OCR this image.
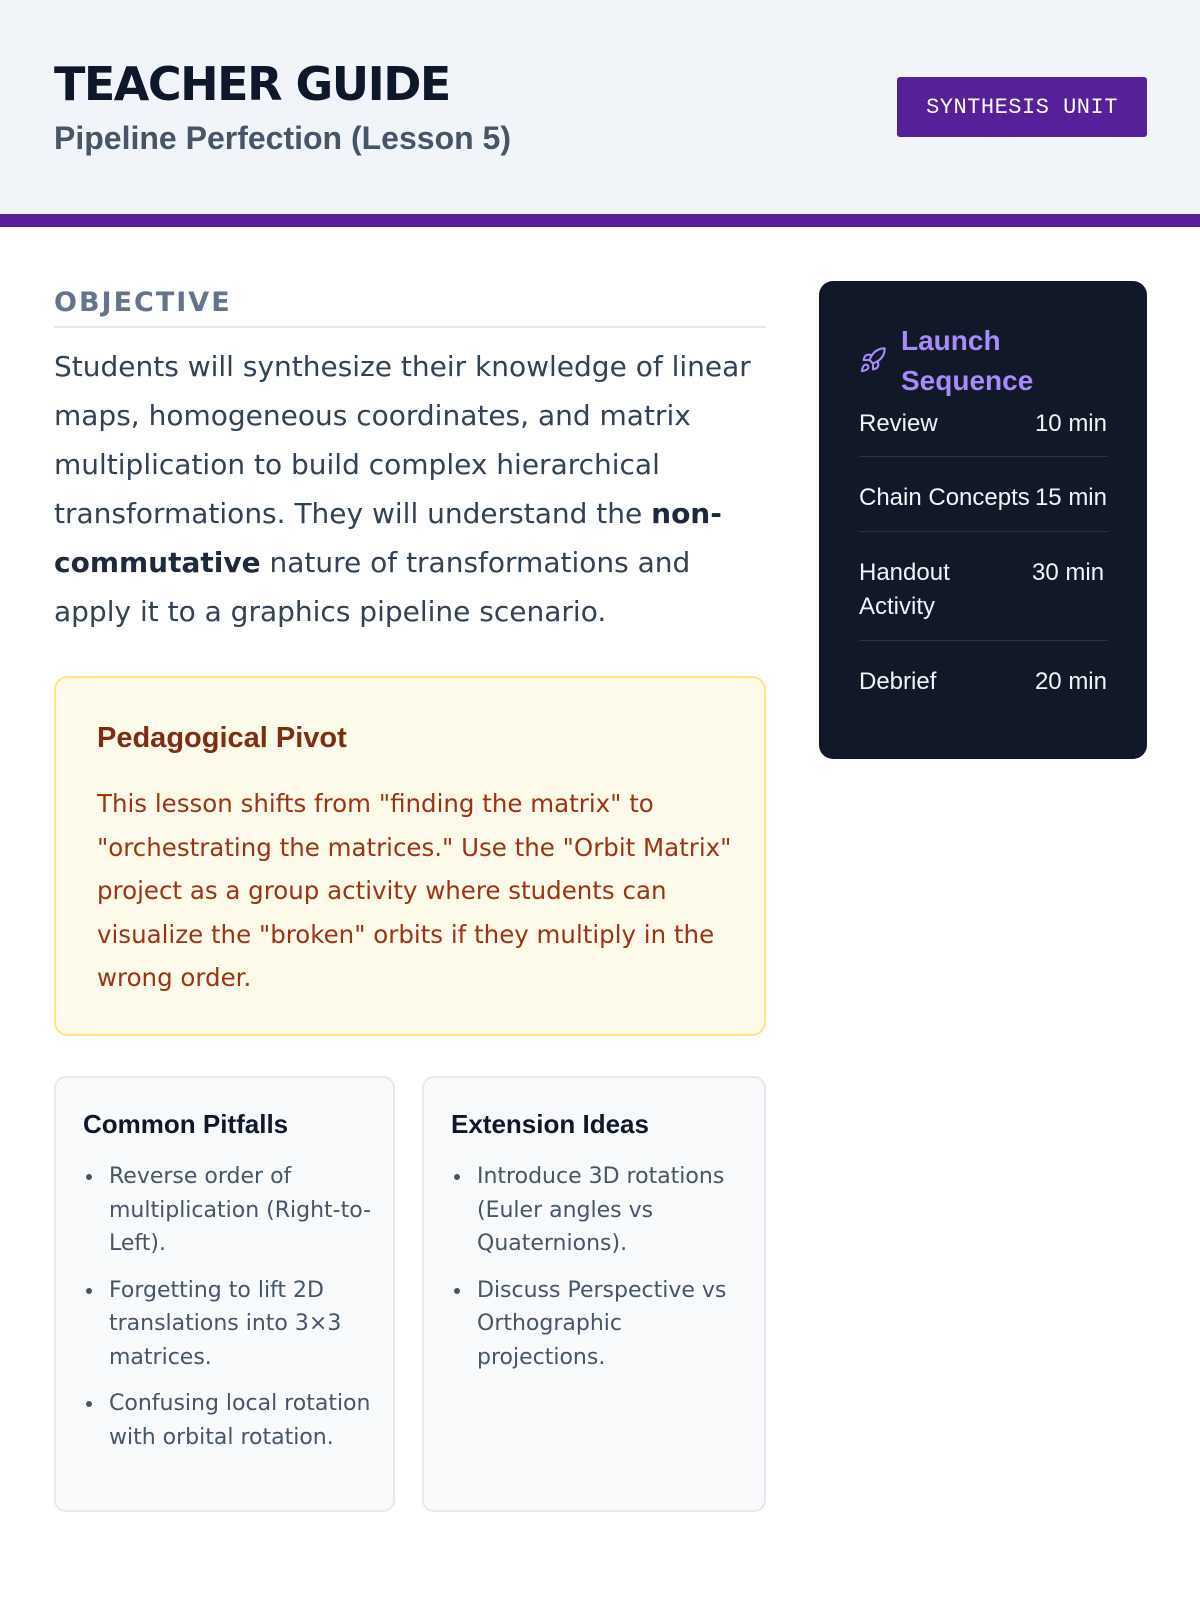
TEACHER GUIDE
Pipeline Perfection (Lesson 5)
SYNTHESIS UNIT
OBJECTIVE

Students will synthesize their knowledge of linear maps, homogeneous coordinates, and matrix multiplication to build complex hierarchical transformations. They will understand the non-commutative nature of transformations and apply it to a graphics pipeline scenario.

Pedagogical Pivot

This lesson shifts from "finding the matrix" to "orchestrating the matrices." Use the "Orbit Matrix" project as a group activity where students can visualize the "broken" orbits if they multiply in the wrong order.

Common Pitfalls
Reverse order of multiplication (Right-to-Left).
Forgetting to lift 2D translations into 3×3 matrices.
Confusing local rotation with orbital rotation.
Extension Ideas
Introduce 3D rotations (Euler angles vs Quaternions).
Discuss Perspective vs Orthographic projections.
Launch Sequence
Review	10 min
Chain Concepts 15 min
Handout Activity
30 min
Debrief	20 min
